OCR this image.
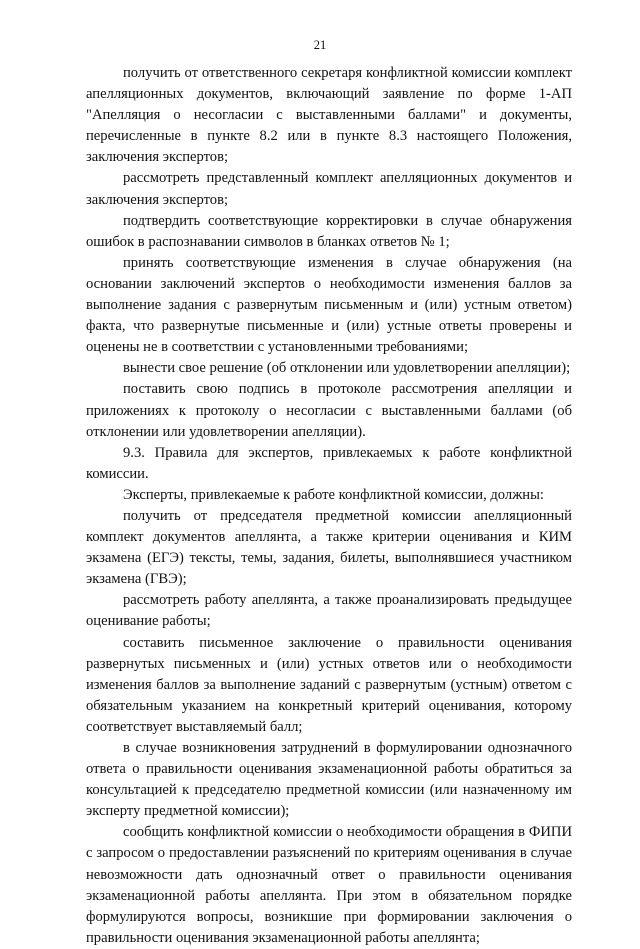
21

получить от ответственного секретаря конфликтной комиссии комплект апелляционных документов, включающий заявление по форме 1-АП "Апелляция о несогласии с выставленными баллами" и документы, перечисленные в пункте 8.2 или в пункте 8.3 настоящего Положения, заключения экспертов;

рассмотреть представленный комплект апелляционных документов и заключения экспертов;

подтвердить соответствующие корректировки в случае обнаружения ошибок в распознавании символов в бланках ответов № 1;

принять соответствующие изменения в случае обнаружения (на основании заключений экспертов о необходимости изменения баллов за выполнение задания с развернутым письменным и (или) устным ответом) факта, что развернутые письменные и (или) устные ответы проверены и оценены не в соответствии с установленными требованиями;

вынести свое решение (об отклонении или удовлетворении апелляции);

поставить свою подпись в протоколе рассмотрения апелляции и приложениях к протоколу о несогласии с выставленными баллами (об отклонении или удовлетворении апелляции).

9.3. Правила для экспертов, привлекаемых к работе конфликтной комиссии.

Эксперты, привлекаемые к работе конфликтной комиссии, должны:

получить от председателя предметной комиссии апелляционный комплект документов апеллянта, а также критерии оценивания и КИМ экзамена (ЕГЭ) тексты, темы, задания, билеты, выполнявшиеся участником экзамена (ГВЭ);

рассмотреть работу апеллянта, а также проанализировать предыдущее оценивание работы;

составить письменное заключение о правильности оценивания развернутых письменных и (или) устных ответов или о необходимости изменения баллов за выполнение заданий с развернутым (устным) ответом с обязательным указанием на конкретный критерий оценивания, которому соответствует выставляемый балл;

в случае возникновения затруднений в формулировании однозначного ответа о правильности оценивания экзаменационной работы обратиться за консультацией к председателю предметной комиссии (или назначенному им эксперту предметной комиссии);

сообщить конфликтной комиссии о необходимости обращения в ФИПИ с запросом о предоставлении разъяснений по критериям оценивания в случае невозможности дать однозначный ответ о правильности оценивания экзаменационной работы апеллянта. При этом в обязательном порядке формулируются вопросы, возникшие при формировании заключения о правильности оценивания экзаменационной работы апеллянта;
